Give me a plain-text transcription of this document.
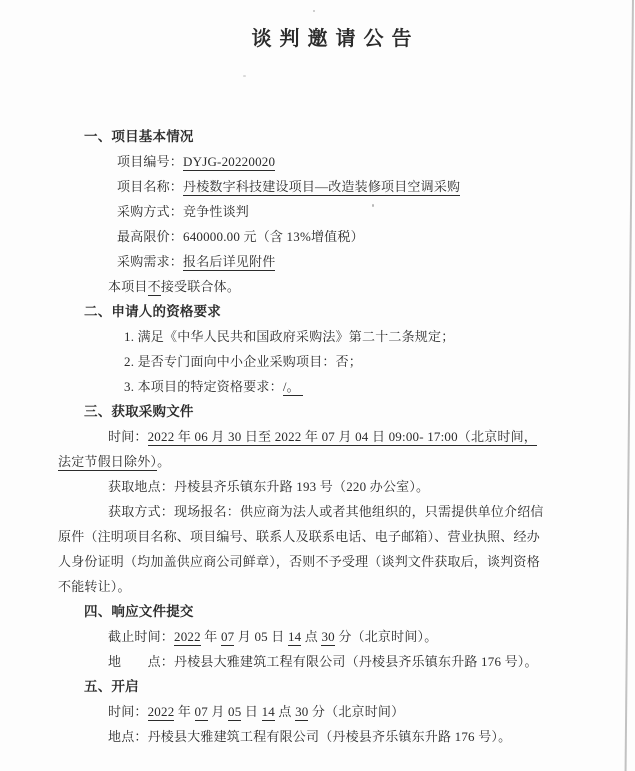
谈判邀请公告
一、项目基本情况

项目编号：DYJG-20220020

项目名称：丹棱数字科技建设项目—改造装修项目空调采购

采购方式：竞争性谈判

最高限价：640000.00 元（含 13%增值税）

采购需求：报名后详见附件

本项目不接受联合体。

二、申请人的资格要求

1. 满足《中华人民共和国政府采购法》第二十二条规定；

2. 是否专门面向中小企业采购项目：否；

3. 本项目的特定资格要求：/。

三、获取采购文件

时间：2022 年 06 月 30 日至 2022 年 07 月 04 日 09:00- 17:00（北京时间，法定节假日除外）。

获取地点：丹棱县齐乐镇东升路 193 号（220 办公室）。

获取方式：现场报名：供应商为法人或者其他组织的，只需提供单位介绍信原件（注明项目名称、项目编号、联系人及联系电话、电子邮箱）、营业执照、经办人身份证明（均加盖供应商公司鲜章），否则不予受理（谈判文件获取后，谈判资格不能转让）。

四、响应文件提交

截止时间：2022 年 07 月 05 日 14 点 30 分（北京时间）。

地　　点：丹棱县大雅建筑工程有限公司（丹棱县齐乐镇东升路 176 号）。

五、开启

时间：2022 年 07 月 05 日 14 点 30 分（北京时间）

地点：丹棱县大雅建筑工程有限公司（丹棱县齐乐镇东升路 176 号）。
